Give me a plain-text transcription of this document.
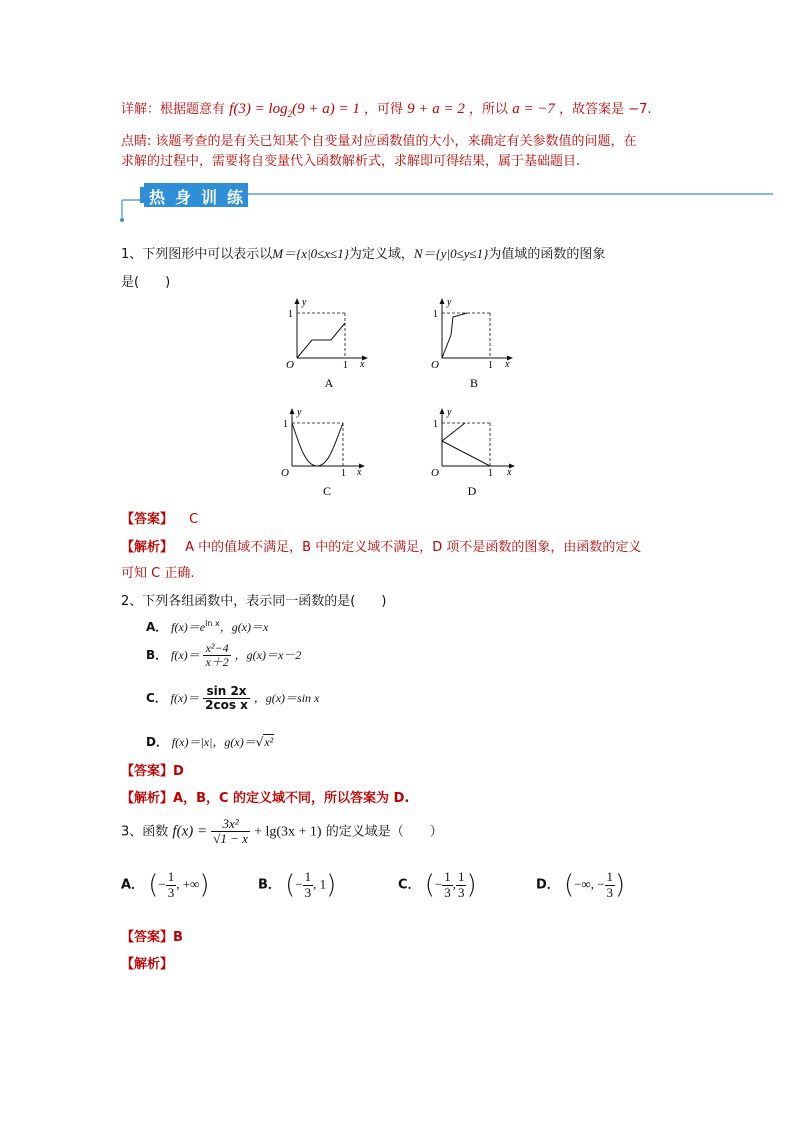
详解：根据题意有 $f(3) = \log_2(9 + a) = 1$ ，可得 9 + a = 2 ，所以 a = −7 ，故答案是 −7.
点睛: 该题考查的是有关已知某个自变量对应函数值的大小，来确定有关参数值的问题，在
求解的过程中，需要将自变量代入函数解析式，求解即可得结果，属于基础题目.
热 身 训 练
1、下列图形中可以表示以M＝{x|0≤x≤1}为定义域，N＝{y|0≤y≤1}为值域的函数的图象
是(　　)
y
x
O	1
1
A
y
x
O	1
1
B
y
x
O	1
1
C
y
x
O	1
1
D
【答案】 C
【解析】 A 中的值域不满足，B 中的定义域不满足，D 项不是函数的图象，由函数的定义
可知 C 正确.
2、下列各组函数中，表示同一函数的是(　　)
A． $f(x)=e^{ln x}$，g(x)＝x
B． $f(x)= \frac{\text{x²−4}}{x+2}$ ，g(x)＝x－2
C． $f(x)= \frac{\sin 2x}{\text{2cos x}}$ ，g(x)＝sin x
D． f(x)＝|x|，g(x)＝√x²
【答案】D
【解析】A，B，C 的定义域不同，所以答案为 D.
3、函数 $f(x) = \frac{\text{3x²}}{√1 - x} + \lg(3x + 1)$ 的定义域是（　　）
A． (− $\frac{1}{3}$ , +∞)	B． (− $\frac{1}{3}$ , 1)	C． (− $\frac{1}{3}$ , $\frac{1}{3}$ )	D． (−∞, − $\frac{1}{3}$ )
【答案】B
【解析】
